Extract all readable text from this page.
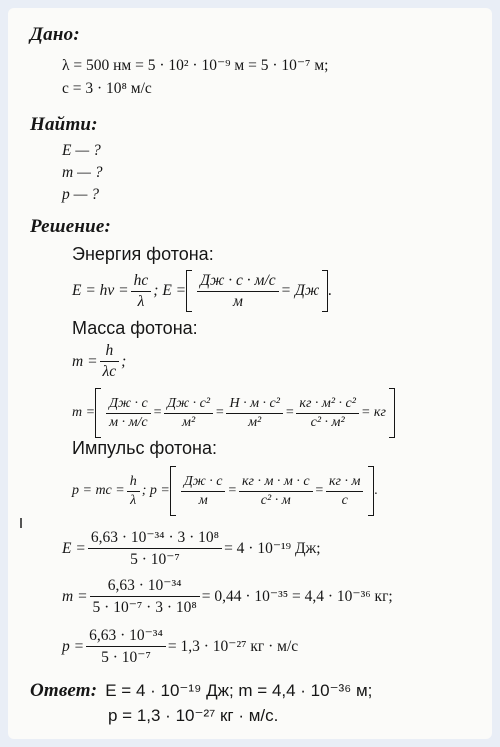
Дано:
λ = 500 нм = 5 · 10² · 10⁻⁹ м = 5 · 10⁻⁷ м;
c = 3 · 10⁸ м/с
Найти:
E — ?
m — ?
p — ?
Решение:
Энергия фотона:
$E = h\nu = \frac{hc}{\lambda}$ ; $E = \frac{Дж \cdot с \cdot м/с}{м}$ = Дж .
Масса фотона:
$m = \frac{h}{\lambda c}$ ;
$m = \frac{Дж \cdot с}{м \cdot м/с} = \frac{\text{Дж · с²}}{\text{м²}} = \frac{\text{Н · м · с²}}{\text{м²}} = \frac{\text{кг · м² · с²}}{\text{с² · м²}}$ = кг
Импульс фотона:
p = mc = $\frac{h}{\lambda}$ ; $p = \frac{Дж \cdot с}{м} = \frac{кг \cdot м \cdot м \cdot с}{\text{с² · м}} = \frac{кг \cdot м}{с}$ .
$E = \frac{\text{6,63 · 10⁻³⁴ · 3 · 10⁸}}{\text{5 · 10⁻⁷}} = 4 \cdot 10^{-19}$ Дж;
$m = \frac{\text{6,63 · 10⁻³⁴}}{\text{5 · 10⁻⁷ · 3 · 10⁸}} = 0,44 \cdot 10^{-35} = 4,4 \cdot 10^{-36}$ кг;
$p = \frac{\text{6,63 · 10⁻³⁴}}{\text{5 · 10⁻⁷}} = 1,3 \cdot 10^{-27}$ кг · м/с
Ответ: E = 4 · 10⁻¹⁹ Дж; m = 4,4 · 10⁻³⁶ м;
p = 1,3 · 10⁻²⁷ кг · м/с.
